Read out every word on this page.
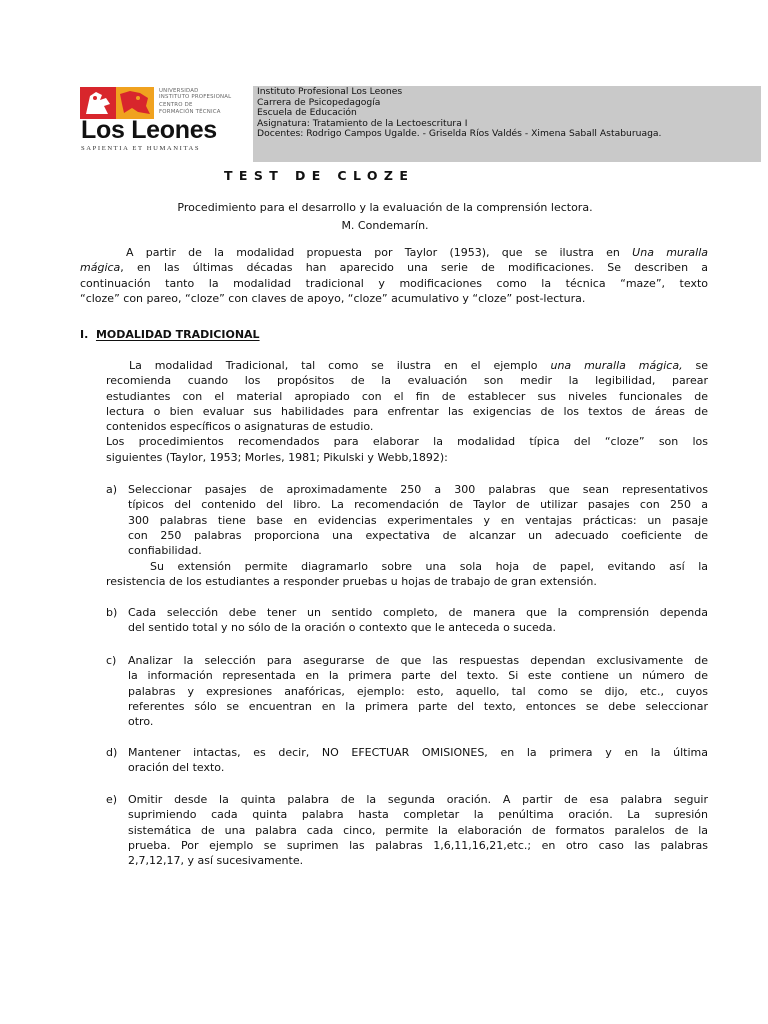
UNIVERSIDAD
INSTITUTO PROFESIONAL
CENTRO DE
FORMACIÓN TÉCNICA
Los Leones
SAPIENTIA ET HUMANITAS
Instituto Profesional Los Leones
Carrera de Psicopedagogía
Escuela de Educación
Asignatura: Tratamiento de la Lectoescritura I
Docentes: Rodrigo Campos Ugalde. - Griselda Ríos Valdés - Ximena Saball Astaburuaga.
TEST DE CLOZE
Procedimiento para el desarrollo y la evaluación de la comprensión lectora.
M. Condemarín.
A partir de la modalidad propuesta por Taylor (1953), que se ilustra en Una muralla
mágica, en las últimas décadas han aparecido una serie de modificaciones. Se describen a
continuación tanto la modalidad tradicional y modificaciones como la técnica “maze”, texto
“cloze” con pareo, “cloze” con claves de apoyo, “cloze” acumulativo y “cloze” post-lectura.
I. MODALIDAD TRADICIONAL
La modalidad Tradicional, tal como se ilustra en el ejemplo una muralla mágica, se
recomienda cuando los propósitos de la evaluación son medir la legibilidad, parear
estudiantes con el material apropiado con el fin de establecer sus niveles funcionales de
lectura o bien evaluar sus habilidades para enfrentar las exigencias de los textos de áreas de
contenidos específicos o asignaturas de estudio.
Los procedimientos recomendados para elaborar la modalidad típica del “cloze” son los
siguientes (Taylor, 1953; Morles, 1981; Pikulski y Webb,1892):
a) Seleccionar pasajes de aproximadamente 250 a 300 palabras que sean representativos
típicos del contenido del libro. La recomendación de Taylor de utilizar pasajes con 250 a
300 palabras tiene base en evidencias experimentales y en ventajas prácticas: un pasaje
con 250 palabras proporciona una expectativa de alcanzar un adecuado coeficiente de
confiabilidad.
Su extensión permite diagramarlo sobre una sola hoja de papel, evitando así la
resistencia de los estudiantes a responder pruebas u hojas de trabajo de gran extensión.
b) Cada selección debe tener un sentido completo, de manera que la comprensión dependa
del sentido total y no sólo de la oración o contexto que le anteceda o suceda.
c) Analizar la selección para asegurarse de que las respuestas dependan exclusivamente de
la información representada en la primera parte del texto. Si este contiene un número de
palabras y expresiones anafóricas, ejemplo: esto, aquello, tal como se dijo, etc., cuyos
referentes sólo se encuentran en la primera parte del texto, entonces se debe seleccionar
otro.
d) Mantener intactas, es decir, NO EFECTUAR OMISIONES, en la primera y en la última
oración del texto.
e) Omitir desde la quinta palabra de la segunda oración. A partir de esa palabra seguir
suprimiendo cada quinta palabra hasta completar la penúltima oración. La supresión
sistemática de una palabra cada cinco, permite la elaboración de formatos paralelos de la
prueba. Por ejemplo se suprimen las palabras 1,6,11,16,21,etc.; en otro caso las palabras
2,7,12,17, y así sucesivamente.
